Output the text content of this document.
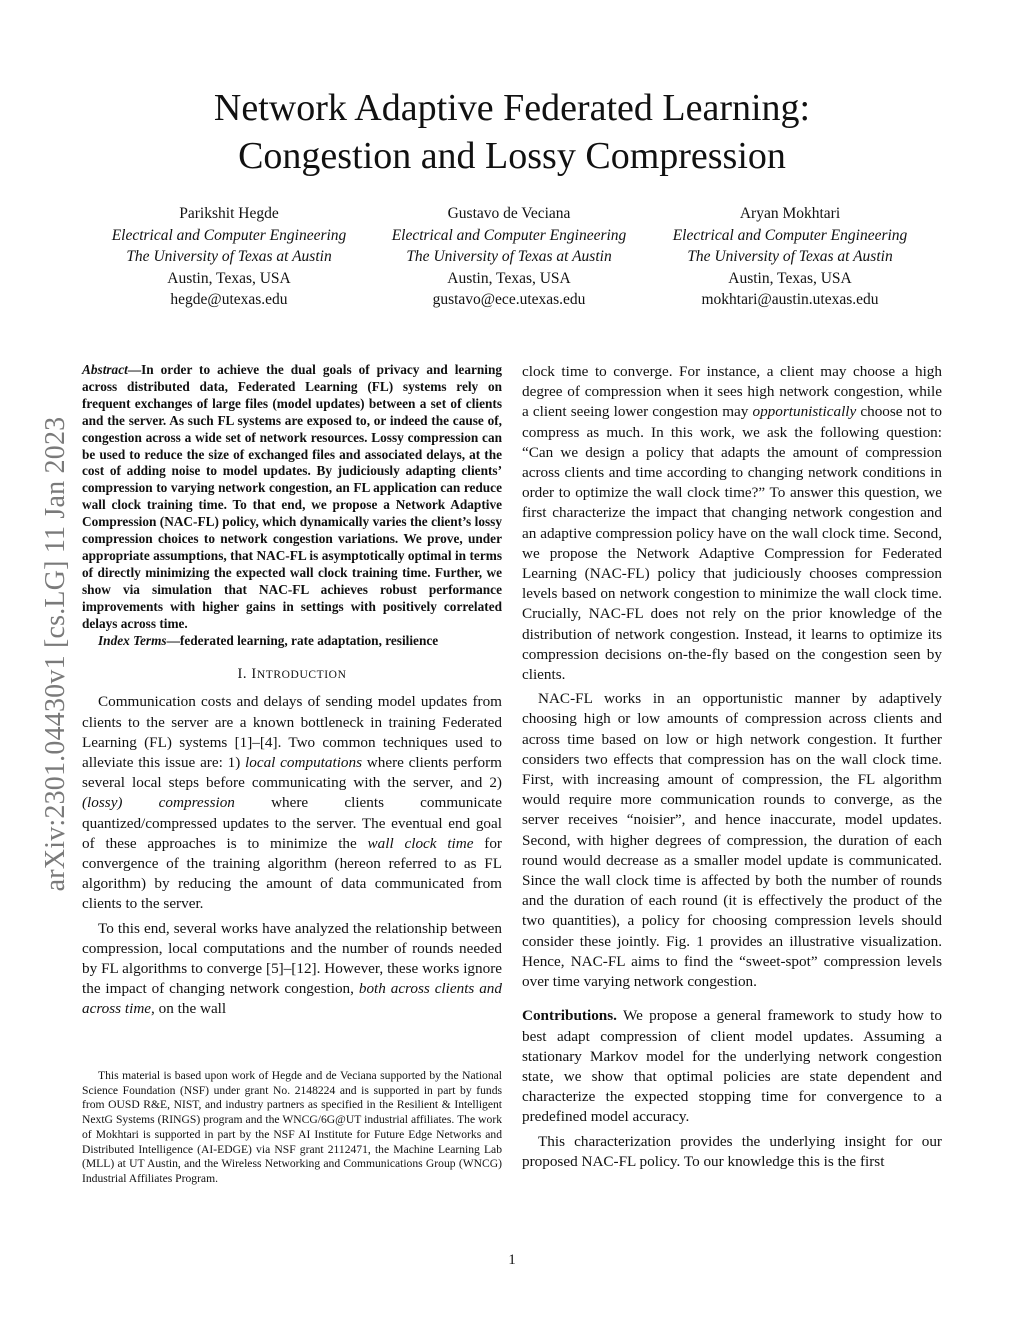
Network Adaptive Federated Learning:
Congestion and Lossy Compression
Parikshit Hegde
Electrical and Computer Engineering
The University of Texas at Austin
Austin, Texas, USA
hegde@utexas.edu
Gustavo de Veciana
Electrical and Computer Engineering
The University of Texas at Austin
Austin, Texas, USA
gustavo@ece.utexas.edu
Aryan Mokhtari
Electrical and Computer Engineering
The University of Texas at Austin
Austin, Texas, USA
mokhtari@austin.utexas.edu
arXiv:2301.04430v1 [cs.LG] 11 Jan 2023

Abstract—In order to achieve the dual goals of privacy and learning across distributed data, Federated Learning (FL) systems rely on frequent exchanges of large files (model updates) between a set of clients and the server. As such FL systems are exposed to, or indeed the cause of, congestion across a wide set of network resources. Lossy compression can be used to reduce the size of exchanged files and associated delays, at the cost of adding noise to model updates. By judiciously adapting clients’ compression to varying network congestion, an FL application can reduce wall clock training time. To that end, we propose a Network Adaptive Compression (NAC-FL) policy, which dynamically varies the client’s lossy compression choices to network congestion variations. We prove, under appropriate assumptions, that NAC-FL is asymptotically optimal in terms of directly minimizing the expected wall clock training time. Further, we show via simulation that NAC-FL achieves robust performance improvements with higher gains in settings with positively correlated delays across time.

Index Terms—federated learning, rate adaptation, resilience

I. INTRODUCTION

Communication costs and delays of sending model updates from clients to the server are a known bottleneck in training Federated Learning (FL) systems [1]–[4]. Two common techniques used to alleviate this issue are: 1) local computations where clients perform several local steps before communicating with the server, and 2) (lossy) compression where clients communicate quantized/compressed updates to the server. The eventual end goal of these approaches is to minimize the wall clock time for convergence of the training algorithm (hereon referred to as FL algorithm) by reducing the amount of data communicated from clients to the server.

To this end, several works have analyzed the relationship between compression, local computations and the number of rounds needed by FL algorithms to converge [5]–[12]. However, these works ignore the impact of changing network congestion, both across clients and across time, on the wall

This material is based upon work of Hegde and de Veciana supported by the National Science Foundation (NSF) under grant No. 2148224 and is supported in part by funds from OUSD R&E, NIST, and industry partners as specified in the Resilient & Intelligent NextG Systems (RINGS) program and the WNCG/6G@UT industrial affiliates. The work of Mokhtari is supported in part by the NSF AI Institute for Future Edge Networks and Distributed Intelligence (AI-EDGE) via NSF grant 2112471, the Machine Learning Lab (MLL) at UT Austin, and the Wireless Networking and Communications Group (WNCG) Industrial Affiliates Program.

clock time to converge. For instance, a client may choose a high degree of compression when it sees high network congestion, while a client seeing lower congestion may opportunistically choose not to compress as much. In this work, we ask the following question: “Can we design a policy that adapts the amount of compression across clients and time according to changing network conditions in order to optimize the wall clock time?” To answer this question, we first characterize the impact that changing network congestion and an adaptive compression policy have on the wall clock time. Second, we propose the Network Adaptive Compression for Federated Learning (NAC-FL) policy that judiciously chooses compression levels based on network congestion to minimize the wall clock time. Crucially, NAC-FL does not rely on the prior knowledge of the distribution of network congestion. Instead, it learns to optimize its compression decisions on-the-fly based on the congestion seen by clients.

NAC-FL works in an opportunistic manner by adaptively choosing high or low amounts of compression across clients and across time based on low or high network congestion. It further considers two effects that compression has on the wall clock time. First, with increasing amount of compression, the FL algorithm would require more communication rounds to converge, as the server receives “noisier”, and hence inaccurate, model updates. Second, with higher degrees of compression, the duration of each round would decrease as a smaller model update is communicated. Since the wall clock time is affected by both the number of rounds and the duration of each round (it is effectively the product of the two quantities), a policy for choosing compression levels should consider these jointly. Fig. 1 provides an illustrative visualization. Hence, NAC-FL aims to find the “sweet-spot” compression levels over time varying network congestion.

Contributions. We propose a general framework to study how to best adapt compression of client model updates. Assuming a stationary Markov model for the underlying network congestion state, we show that optimal policies are state dependent and characterize the expected stopping time for convergence to a predefined model accuracy.

This characterization provides the underlying insight for our proposed NAC-FL policy. To our knowledge this is the first

1
